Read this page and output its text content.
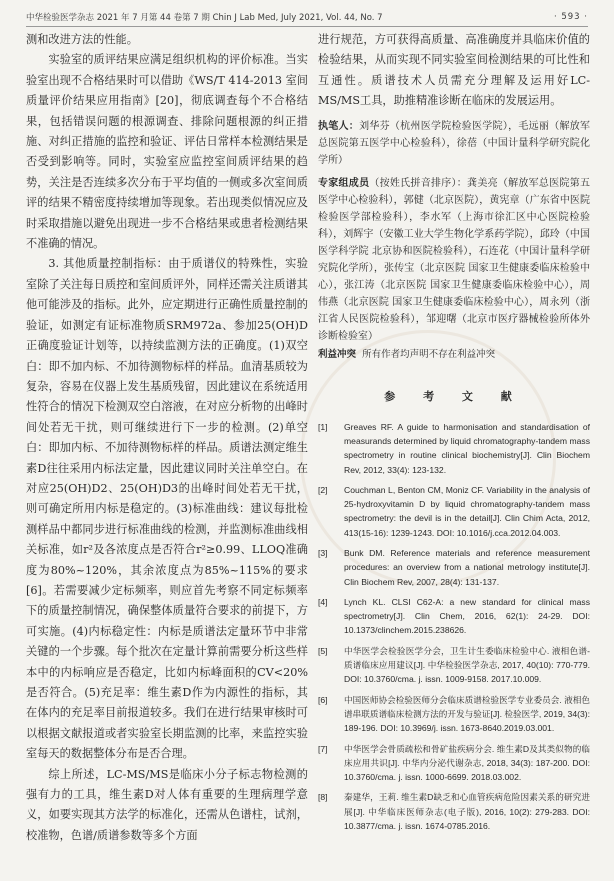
中华检验医学杂志 2021 年 7 月第 44 卷第 7 期 Chin J Lab Med, July 2021, Vol. 44, No. 7	· 593 ·

测和改进方法的性能。

实验室的质评结果应满足组织机构的评价标准。当实验室出现不合格结果时可以借助《WS/T 414-2013 室间质量评价结果应用指南》[20]，彻底调查每个不合格结果，包括错误问题的根源调查、排除问题根源的纠正措施、对纠正措施的监控和验证、评估日常样本检测结果是否受到影响等。同时，实验室应监控室间质评结果的趋势，关注是否连续多次分布于平均值的一侧或多次室间质评的结果不精密度持续增加等现象。若出现类似情况应及时采取措施以避免出现进一步不合格结果或患者检测结果不准确的情况。

3. 其他质量控制指标：由于质谱仪的特殊性，实验室除了关注每日质控和室间质评外，同样还需关注质谱其他可能涉及的指标。此外，应定期进行正确性质量控制的验证，如测定有证标准物质SRM972a、参加25(OH)D正确度验证计划等，以持续监测方法的正确度。(1)双空白：即不加内标、不加待测物标样的样品。血清基质较为复杂，容易在仪器上发生基质残留，因此建议在系统适用性符合的情况下检测双空白溶液，在对应分析物的出峰时间处若无干扰，则可继续进行下一步的检测。(2)单空白：即加内标、不加待测物标样的样品。质谱法测定维生素D往往采用内标法定量，因此建议同时关注单空白。在对应25(OH)D2、25(OH)D3的出峰时间处若无干扰，则可确定所用内标是稳定的。(3)标准曲线：建议每批检测样品中都同步进行标准曲线的检测，并监测标准曲线相关标准，如r²及各浓度点是否符合r²≥0.99、LLOQ准确度为80%~120%，其余浓度点为85%~115%的要求[6]。若需要减少定标频率，则应首先考察不同定标频率下的质量控制情况，确保整体质量符合要求的前提下，方可实施。(4)内标稳定性：内标是质谱法定量环节中非常关键的一个步骤。每个批次在定量计算前需要分析这些样本中的内标响应是否稳定，比如内标峰面积的CV<20%是否符合。(5)充足率：维生素D作为内源性的指标，其在体内的充足率目前报道较多。我们在进行结果审核时可以根据文献报道或者实验室长期监测的比率，来监控实验室每天的数据整体分布是否合理。

综上所述，LC-MS/MS是临床小分子标志物检测的强有力的工具，维生素D对人体有重要的生理病理学意义，如要实现其方法学的标准化，还需从色谱柱，试剂，校准物，色谱/质谱参数等多个方面

进行规范，方可获得高质量、高准确度并具临床价值的检验结果，从而实现不同实验室间检测结果的可比性和互通性。质谱技术人员需充分理解及运用好LC-MS/MS工具，助推精准诊断在临床的发展运用。

执笔人：刘华芬（杭州医学院检验医学院），毛远丽（解放军总医院第五医学中心检验科），徐蓓（中国计量科学研究院化学所）
专家组成员（按姓氏拼音排序）：龚美亮（解放军总医院第五医学中心检验科），郭健（北京医院），黄宪章（广东省中医院检验医学部检验科），李水军（上海市徐汇区中心医院检验科），刘辉宇（安徽工业大学生物化学系药学院），邱玲（中国医学科学院 北京协和医院检验科），石连花（中国计量科学研究院化学所），张传宝（北京医院 国家卫生健康委临床检验中心），张江涛（北京医院 国家卫生健康委临床检验中心），周伟燕（北京医院 国家卫生健康委临床检验中心），周永列（浙江省人民医院检验科），邹迎曙（北京市医疗器械检验所体外诊断检验室）
利益冲突 所有作者均声明不存在利益冲突
参 考 文 献
[1]	Greaves RF. A guide to harmonisation and standardisation of measurands determined by liquid chromatography-tandem mass spectrometry in routine clinical biochemistry[J]. Clin Biochem Rev, 2012, 33(4): 123-132.
[2]	Couchman L, Benton CM, Moniz CF. Variability in the analysis of 25-hydroxyvitamin D by liquid chromatography-tandem mass spectrometry: the devil is in the detail[J]. Clin Chim Acta, 2012, 413(15-16): 1239-1243. DOI: 10.1016/j.cca.2012.04.003.
[3]	Bunk DM. Reference materials and reference measurement procedures: an overview from a national metrology institute[J]. Clin Biochem Rev, 2007, 28(4): 131-137.
[4]	Lynch KL. CLSI C62-A: a new standard for clinical mass spectrometry[J]. Clin Chem, 2016, 62(1): 24-29. DOI: 10.1373/clinchem.2015.238626.
[5]	中华医学会检验医学分会，卫生计生委临床检验中心. 液相色谱-质谱临床应用建议[J]. 中华检验医学杂志, 2017, 40(10): 770-779. DOI: 10.3760/cma. j. issn. 1009-9158. 2017.10.009.
[6]	中国医师协会检验医师分会临床质谱检验医学专业委员会. 液相色谱串联质谱临床检测方法的开发与验证[J]. 检验医学, 2019, 34(3): 189-196. DOI: 10.3969/j. issn. 1673-8640.2019.03.001.
[7]	中华医学会骨质疏松和骨矿盐疾病分会. 维生素D及其类似物的临床应用共识[J]. 中华内分泌代谢杂志, 2018, 34(3): 187-200. DOI: 10.3760/cma. j. issn. 1000-6699. 2018.03.002.
[8]	秦建华，王莉. 维生素D缺乏和心血管疾病危险因素关系的研究进展[J]. 中华临床医师杂志(电子版), 2016, 10(2): 279-283. DOI: 10.3877/cma. j. issn. 1674-0785.2016.
